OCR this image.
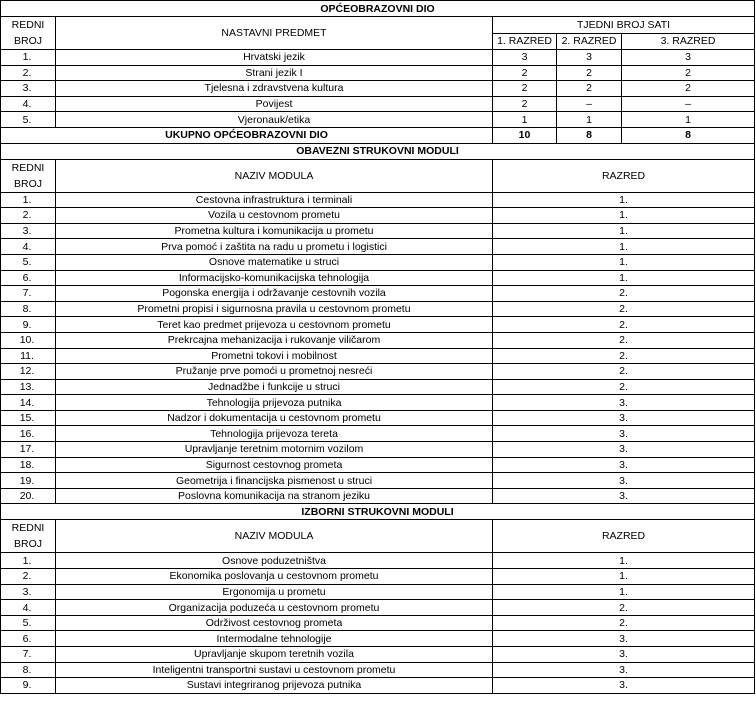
OPĆEOBRAZOVNI DIO				
REDNI
BROJ	NASTAVNI PREDMET	TJEDNI BROJ SATI		
		1. RAZRED	2. RAZRED	3. RAZRED
1.	Hrvatski jezik	3	3	3
2.	Strani jezik I	2	2	2
3.	Tjelesna i zdravstvena kultura	2	2	2
4.	Povijest	2	–	–
5.	Vjeronauk/etika	1	1	1
UKUPNO OPĆEOBRAZOVNI DIO		10	8	8
OBAVEZNI STRUKOVNI MODULI				
REDNI
BROJ	NAZIV MODULA	RAZRED		
1.	Cestovna infrastruktura i terminali	1.		
2.	Vozila u cestovnom prometu	1.		
3.	Prometna kultura i komunikacija u prometu	1.		
4.	Prva pomoć i zaštita na radu u prometu i logistici	1.		
5.	Osnove matematike u struci	1.		
6.	Informacijsko-komunikacijska tehnologija	1.		
7.	Pogonska energija i održavanje cestovnih vozila	2.		
8.	Prometni propisi i sigurnosna pravila u cestovnom prometu	2.		
9.	Teret kao predmet prijevoza u cestovnom prometu	2.		
10.	Prekrcajna mehanizacija i rukovanje viličarom	2.		
11.	Prometni tokovi i mobilnost	2.		
12.	Pružanje prve pomoći u prometnoj nesreći	2.		
13.	Jednadžbe i funkcije u struci	2.		
14.	Tehnologija prijevoza putnika	3.		
15.	Nadzor i dokumentacija u cestovnom prometu	3.		
16.	Tehnologija prijevoza tereta	3.		
17.	Upravljanje teretnim motornim vozilom	3.		
18.	Sigurnost cestovnog prometa	3.		
19.	Geometrija i financijska pismenost u struci	3.		
20.	Poslovna komunikacija na stranom jeziku	3.		
IZBORNI STRUKOVNI MODULI				
REDNI
BROJ	NAZIV MODULA	RAZRED		
1.	Osnove poduzetništva	1.		
2.	Ekonomika poslovanja u cestovnom prometu	1.		
3.	Ergonomija u prometu	1.		
4.	Organizacija poduzeća u cestovnom prometu	2.		
5.	Održivost cestovnog prometa	2.		
6.	Intermodalne tehnologije	3.		
7.	Upravljanje skupom teretnih vozila	3.		
8.	Inteligentni transportni sustavi u cestovnom prometu	3.		
9.	Sustavi integriranog prijevoza putnika	3.		
